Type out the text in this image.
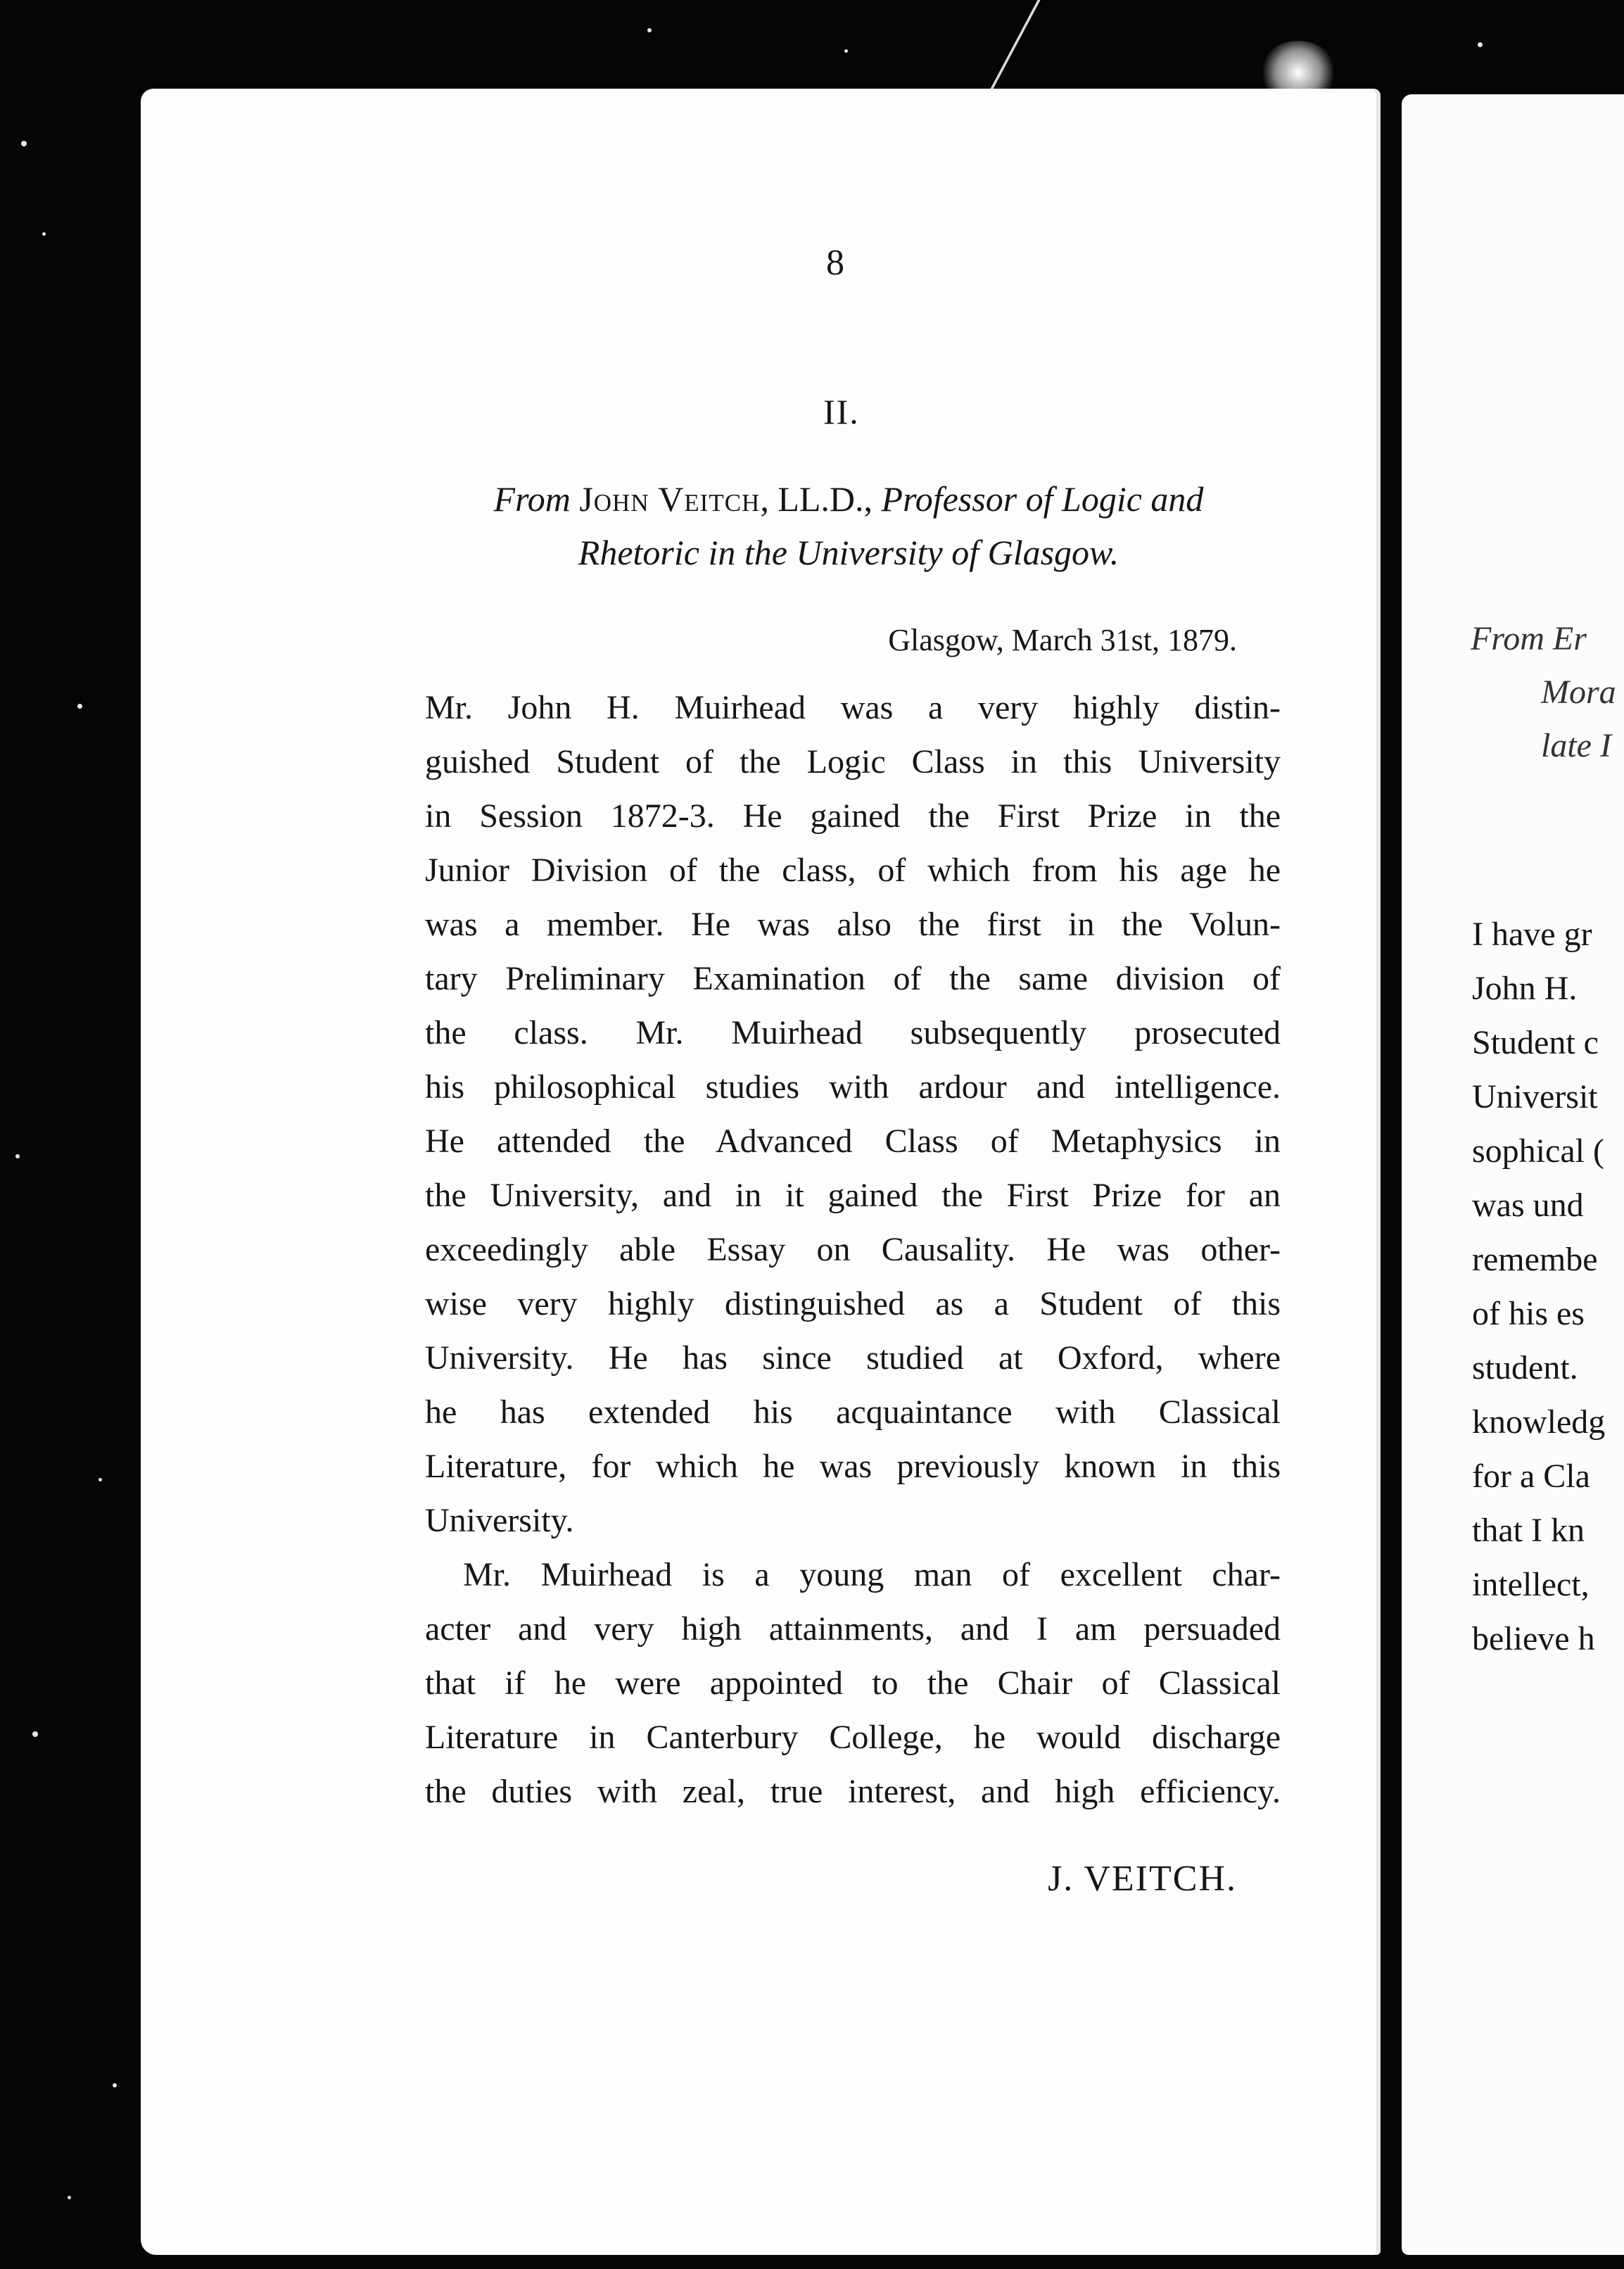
8
II.
From John Veitch, LL.D., Professor of Logic and
Rhetoric in the University of Glasgow.
Glasgow, March 31st, 1879.
Mr. John H. Muirhead was a very highly distin-
guished Student of the Logic Class in this University
in Session 1872-3. He gained the First Prize in the
Junior Division of the class, of which from his age he
was a member. He was also the first in the Volun-
tary Preliminary Examination of the same division of
the class. Mr. Muirhead subsequently prosecuted
his philosophical studies with ardour and intelligence.
He attended the Advanced Class of Metaphysics in
the University, and in it gained the First Prize for an
exceedingly able Essay on Causality. He was other-
wise very highly distinguished as a Student of this
University. He has since studied at Oxford, where
he has extended his acquaintance with Classical
Literature, for which he was previously known in this
University.
Mr. Muirhead is a young man of excellent char-
acter and very high attainments, and I am persuaded
that if he were appointed to the Chair of Classical
Literature in Canterbury College, he would discharge
the duties with zeal, true interest, and high efficiency.
J. VEITCH.
From Er
Mora
late I
I have gr
John H.
Student c
Universit
sophical (
was und
remembe
of his es
student.
knowledg
for a Cla
that I kn
intellect,
believe h
